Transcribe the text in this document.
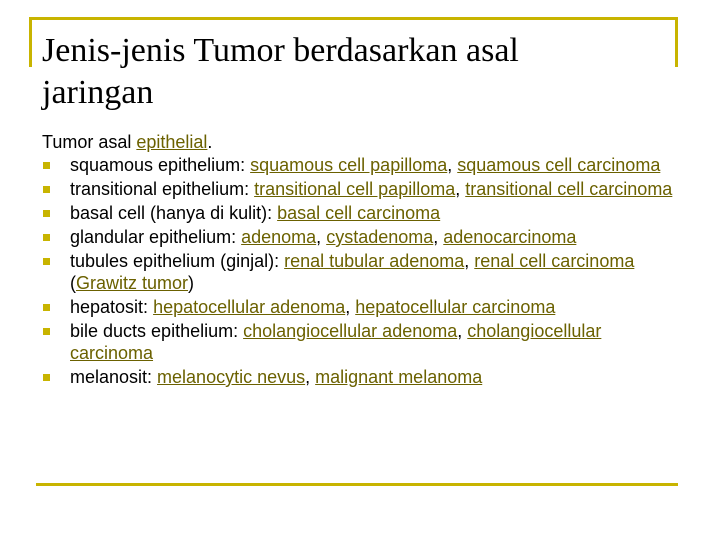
Jenis-jenis Tumor berdasarkan asal
jaringan
Tumor asal epithelial.
squamous epithelium: squamous cell papilloma, squamous cell carcinoma
transitional epithelium: transitional cell papilloma, transitional cell carcinoma
basal cell (hanya di kulit): basal cell carcinoma
glandular epithelium: adenoma, cystadenoma, adenocarcinoma
tubules epithelium (ginjal): renal tubular adenoma, renal cell carcinoma (Grawitz tumor)
hepatosit: hepatocellular adenoma, hepatocellular carcinoma
bile ducts epithelium: cholangiocellular adenoma, cholangiocellular carcinoma
melanosit: melanocytic nevus, malignant melanoma
